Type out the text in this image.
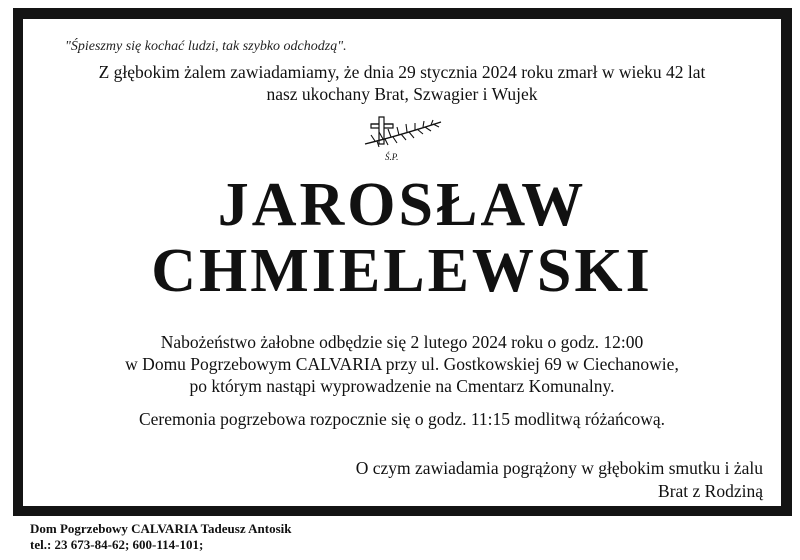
"Śpieszmy się kochać ludzi, tak szybko odchodzą".
Z głębokim żalem zawiadamiamy, że dnia 29 stycznia 2024 roku zmarł w wieku 42 lat
nasz ukochany Brat, Szwagier i Wujek
Ś.P.
JAROSŁAW
CHMIELEWSKI
Nabożeństwo żałobne odbędzie się 2 lutego 2024 roku o godz. 12:00
w Domu Pogrzebowym CALVARIA przy ul. Gostkowskiej 69 w Ciechanowie,
po którym nastąpi wyprowadzenie na Cmentarz Komunalny.
Ceremonia pogrzebowa rozpocznie się o godz. 11:15 modlitwą różańcową.
O czym zawiadamia pogrążony w głębokim smutku i żalu
Brat z Rodziną
Dom Pogrzebowy CALVARIA Tadeusz Antosik
tel.: 23 673-84-62; 600-114-101;
